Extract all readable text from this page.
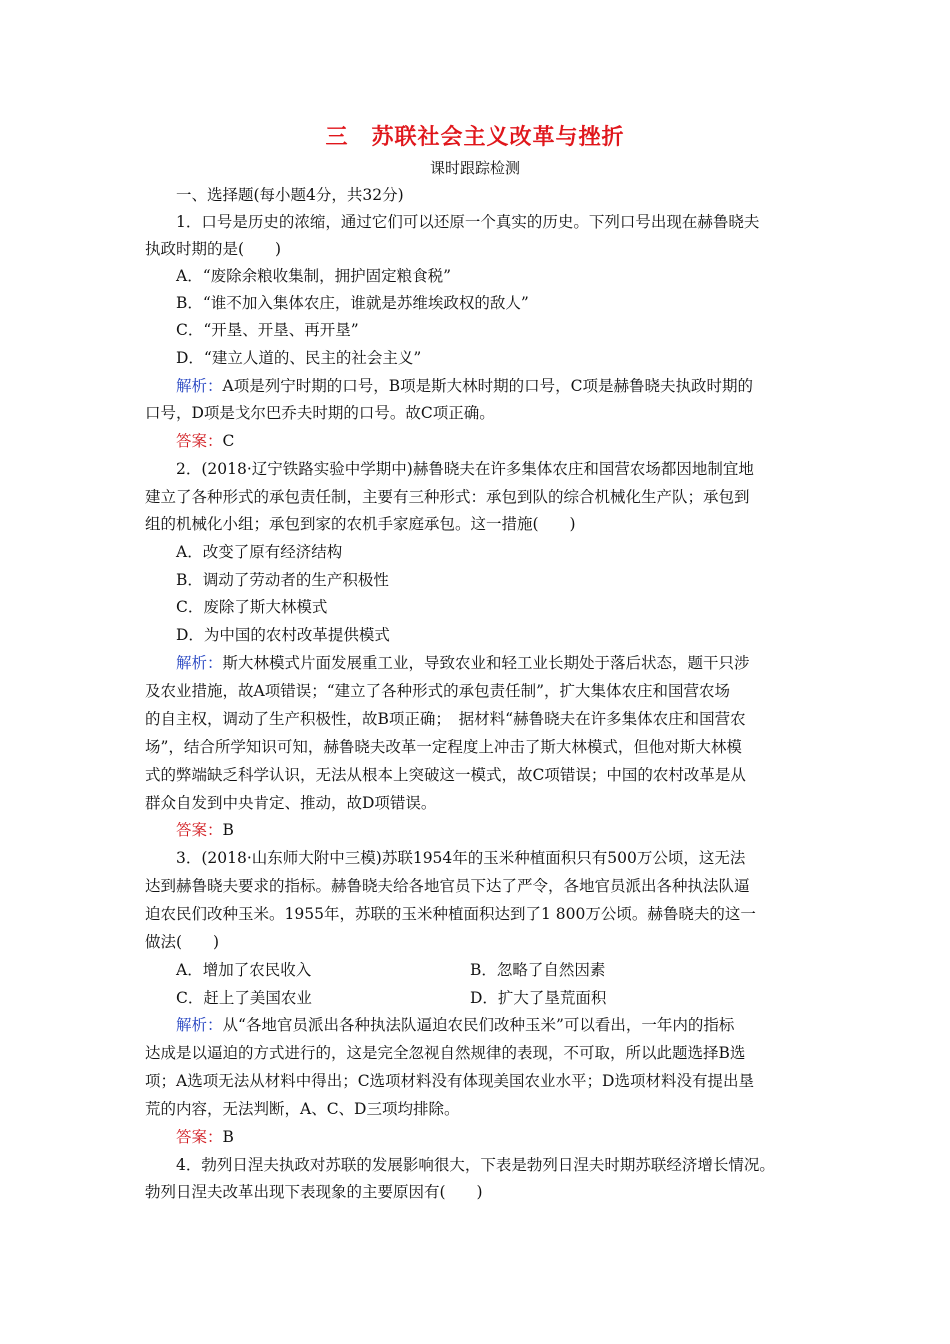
三　苏联社会主义改革与挫折
课时跟踪检测
一、选择题(每小题4分，共32分)
1．口号是历史的浓缩，通过它们可以还原一个真实的历史。下列口号出现在赫鲁晓夫
执政时期的是(　　)
A．“废除余粮收集制，拥护固定粮食税”
B．“谁不加入集体农庄，谁就是苏维埃政权的敌人”
C．“开垦、开垦、再开垦”
D．“建立人道的、民主的社会主义”
解析：A项是列宁时期的口号，B项是斯大林时期的口号，C项是赫鲁晓夫执政时期的
口号，D项是戈尔巴乔夫时期的口号。故C项正确。
答案：C
2．(2018·辽宁铁路实验中学期中)赫鲁晓夫在许多集体农庄和国营农场都因地制宜地
建立了各种形式的承包责任制，主要有三种形式：承包到队的综合机械化生产队；承包到
组的机械化小组；承包到家的农机手家庭承包。这一措施(　　)
A．改变了原有经济结构
B．调动了劳动者的生产积极性
C．废除了斯大林模式
D．为中国的农村改革提供模式
解析：斯大林模式片面发展重工业，导致农业和轻工业长期处于落后状态，题干只涉
及农业措施，故A项错误；“建立了各种形式的承包责任制”，扩大集体农庄和国营农场
的自主权，调动了生产积极性，故B项正确；　据材料“赫鲁晓夫在许多集体农庄和国营农
场”，结合所学知识可知，赫鲁晓夫改革一定程度上冲击了斯大林模式，但他对斯大林模
式的弊端缺乏科学认识，无法从根本上突破这一模式，故C项错误；中国的农村改革是从
群众自发到中央肯定、推动，故D项错误。
答案：B
3．(2018·山东师大附中三模)苏联1954年的玉米种植面积只有500万公顷，这无法
达到赫鲁晓夫要求的指标。赫鲁晓夫给各地官员下达了严令，各地官员派出各种执法队逼
迫农民们改种玉米。1955年，苏联的玉米种植面积达到了1 800万公顷。赫鲁晓夫的这一
做法(　　)
A．增加了农民收入	B．忽略了自然因素
C．赶上了美国农业	D．扩大了垦荒面积
解析：从“各地官员派出各种执法队逼迫农民们改种玉米”可以看出，一年内的指标
达成是以逼迫的方式进行的，这是完全忽视自然规律的表现，不可取，所以此题选择B选
项；A选项无法从材料中得出；C选项材料没有体现美国农业水平；D选项材料没有提出垦
荒的内容，无法判断，A、C、D三项均排除。
答案：B
4．勃列日涅夫执政对苏联的发展影响很大，下表是勃列日涅夫时期苏联经济增长情况。
勃列日涅夫改革出现下表现象的主要原因有(　　)
